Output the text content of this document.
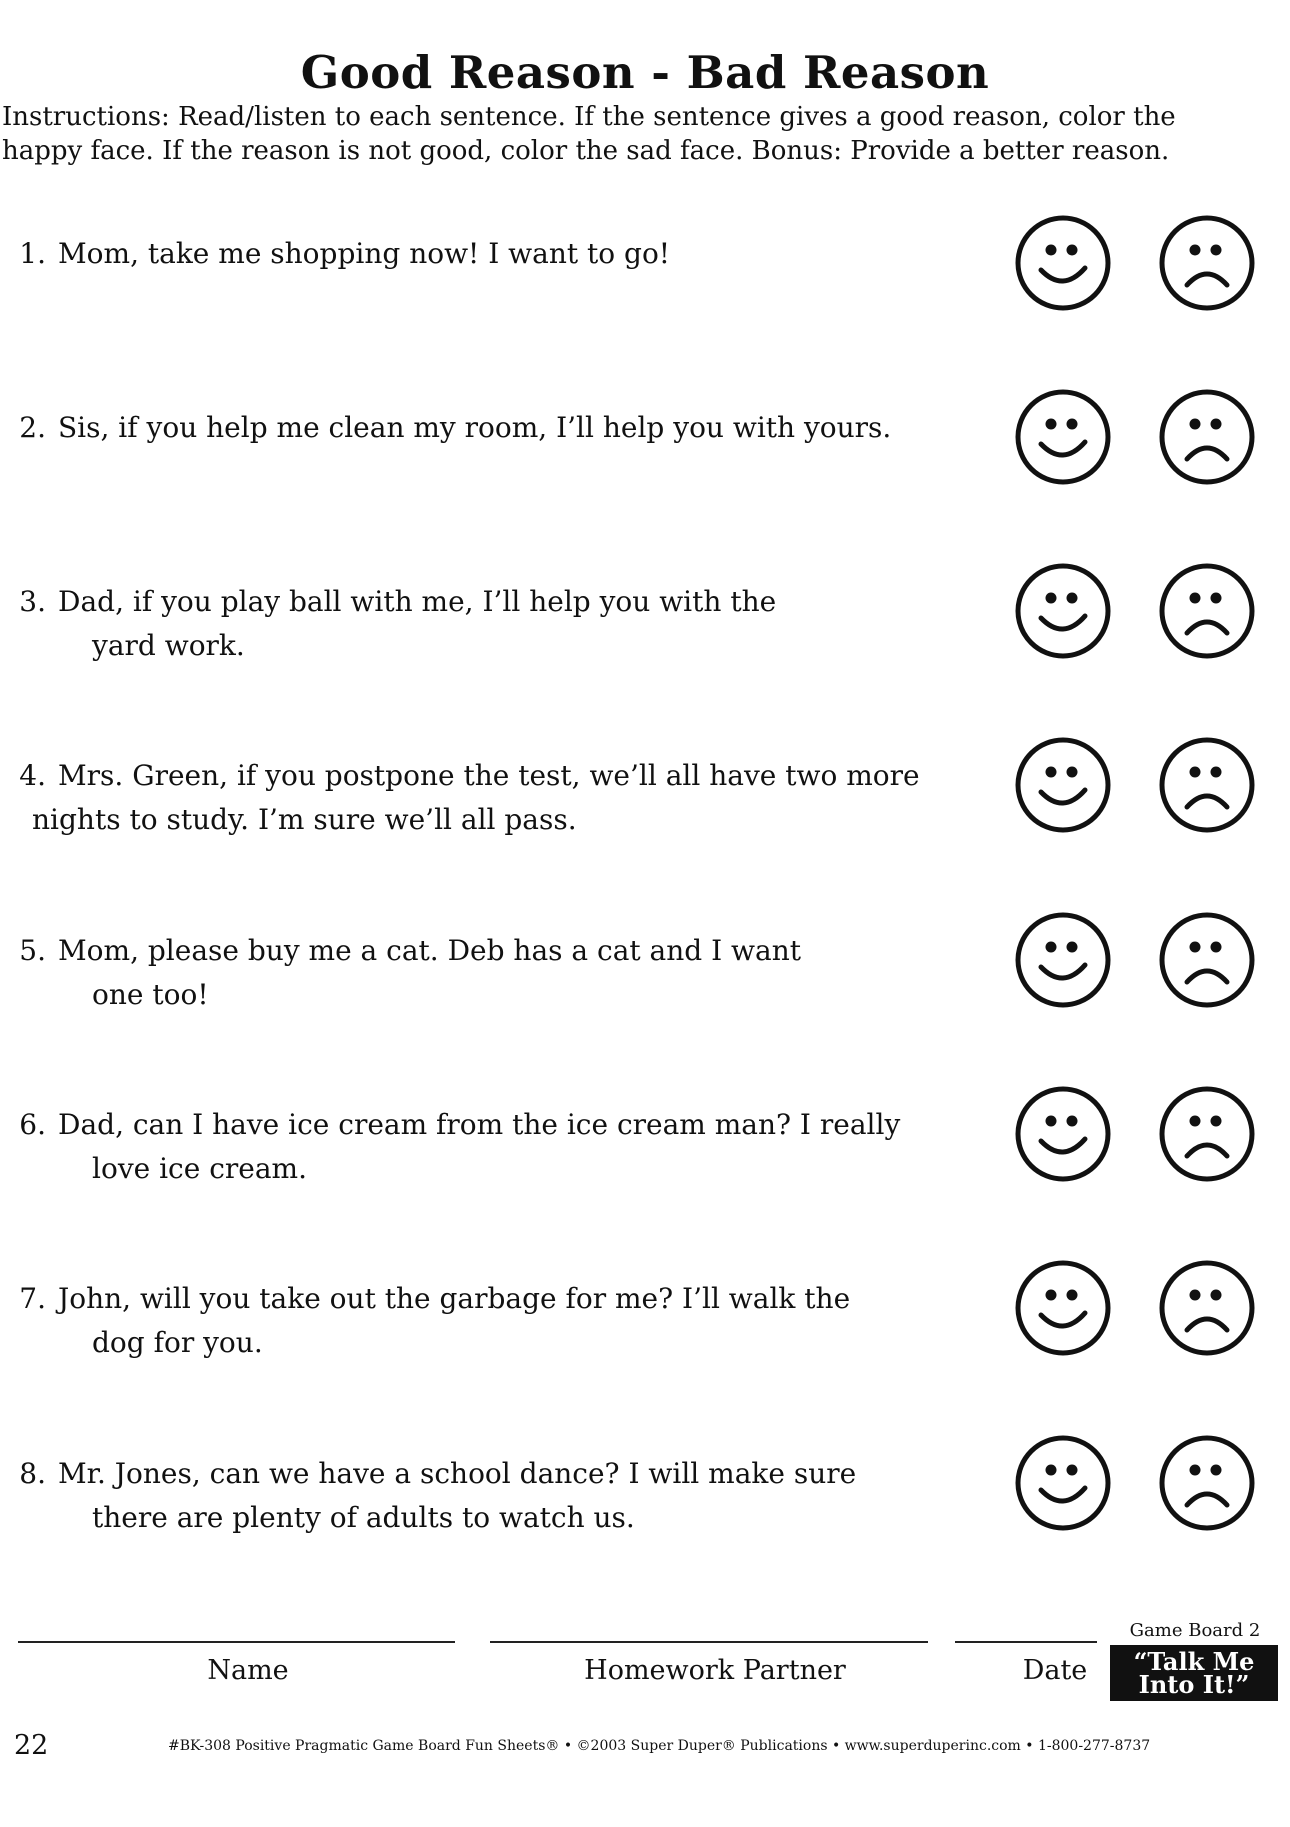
Good Reason - Bad Reason
Instructions: Read/listen to each sentence. If the sentence gives a good reason, color the
happy face. If the reason is not good, color the sad face. Bonus: Provide a better reason.
1. Mom, take me shopping now! I want to go!
2. Sis, if you help me clean my room, I’ll help you with yours.
3. Dad, if you play ball with me, I’ll help you with the
yard work.
4. Mrs. Green, if you postpone the test, we’ll all have two more
nights to study. I’m sure we’ll all pass.
5. Mom, please buy me a cat. Deb has a cat and I want
one too!
6. Dad, can I have ice cream from the ice cream man? I really
love ice cream.
7. John, will you take out the garbage for me? I’ll walk the
dog for you.
8. Mr. Jones, can we have a school dance? I will make sure
there are plenty of adults to watch us.
Name	Homework Partner	Date
Game Board 2
“Talk Me
Into It!”
22	#BK-308 Positive Pragmatic Game Board Fun Sheets® • ©2003 Super Duper® Publications • www.superduperinc.com • 1-800-277-8737
